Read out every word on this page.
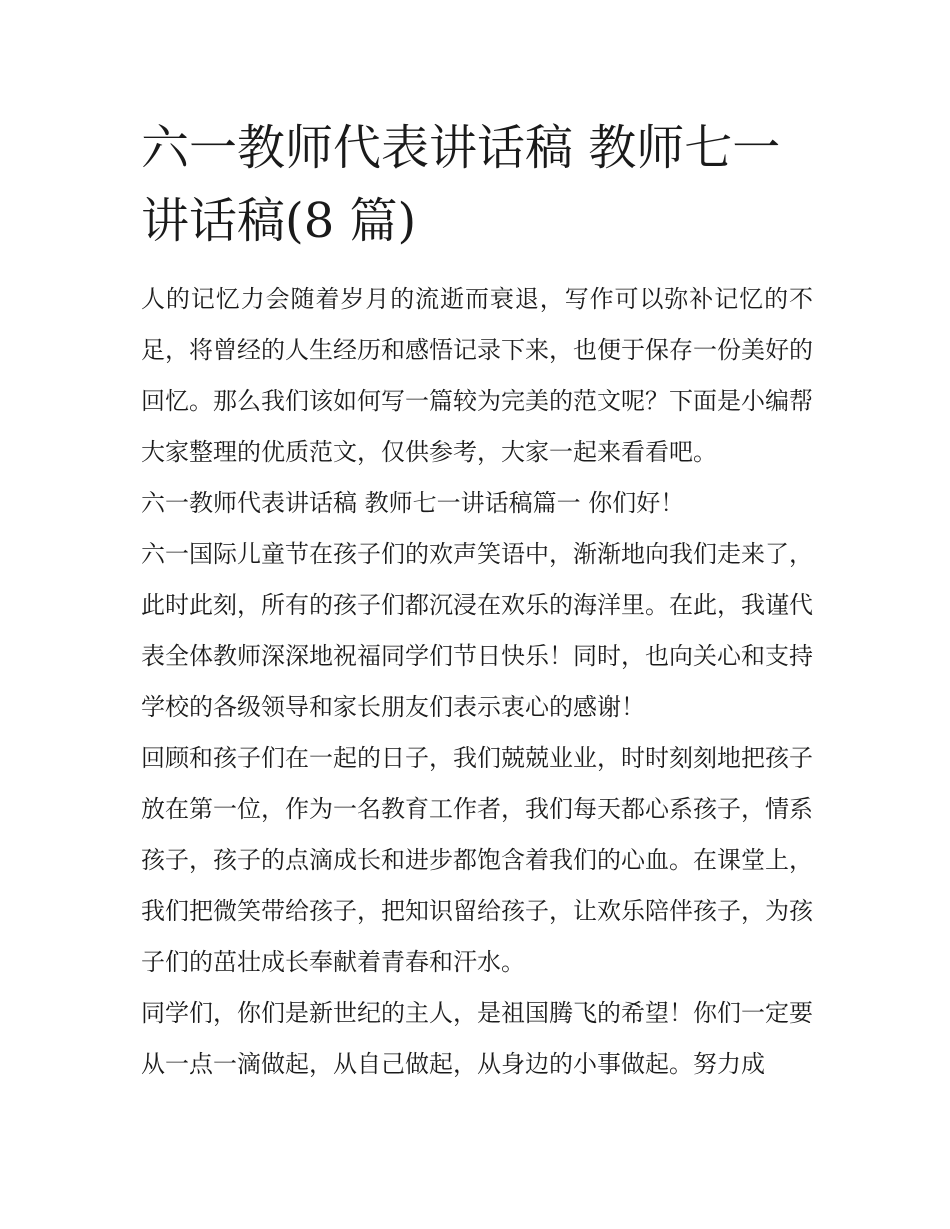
六一教师代表讲话稿 教师七一讲话稿(8 篇)

人的记忆力会随着岁月的流逝而衰退，写作可以弥补记忆的不足，将曾经的人生经历和感悟记录下来，也便于保存一份美好的回忆。那么我们该如何写一篇较为完美的范文呢？下面是小编帮大家整理的优质范文，仅供参考，大家一起来看看吧。

六一教师代表讲话稿 教师七一讲话稿篇一 你们好！

六一国际儿童节在孩子们的欢声笑语中，渐渐地向我们走来了，此时此刻，所有的孩子们都沉浸在欢乐的海洋里。在此，我谨代表全体教师深深地祝福同学们节日快乐！同时，也向关心和支持学校的各级领导和家长朋友们表示衷心的感谢！

回顾和孩子们在一起的日子，我们兢兢业业，时时刻刻地把孩子放在第一位，作为一名教育工作者，我们每天都心系孩子，情系孩子，孩子的点滴成长和进步都饱含着我们的心血。在课堂上，我们把微笑带给孩子，把知识留给孩子，让欢乐陪伴孩子，为孩子们的茁壮成长奉献着青春和汗水。

同学们，你们是新世纪的主人，是祖国腾飞的希望！你们一定要从一点一滴做起，从自己做起，从身边的小事做起。努力成
